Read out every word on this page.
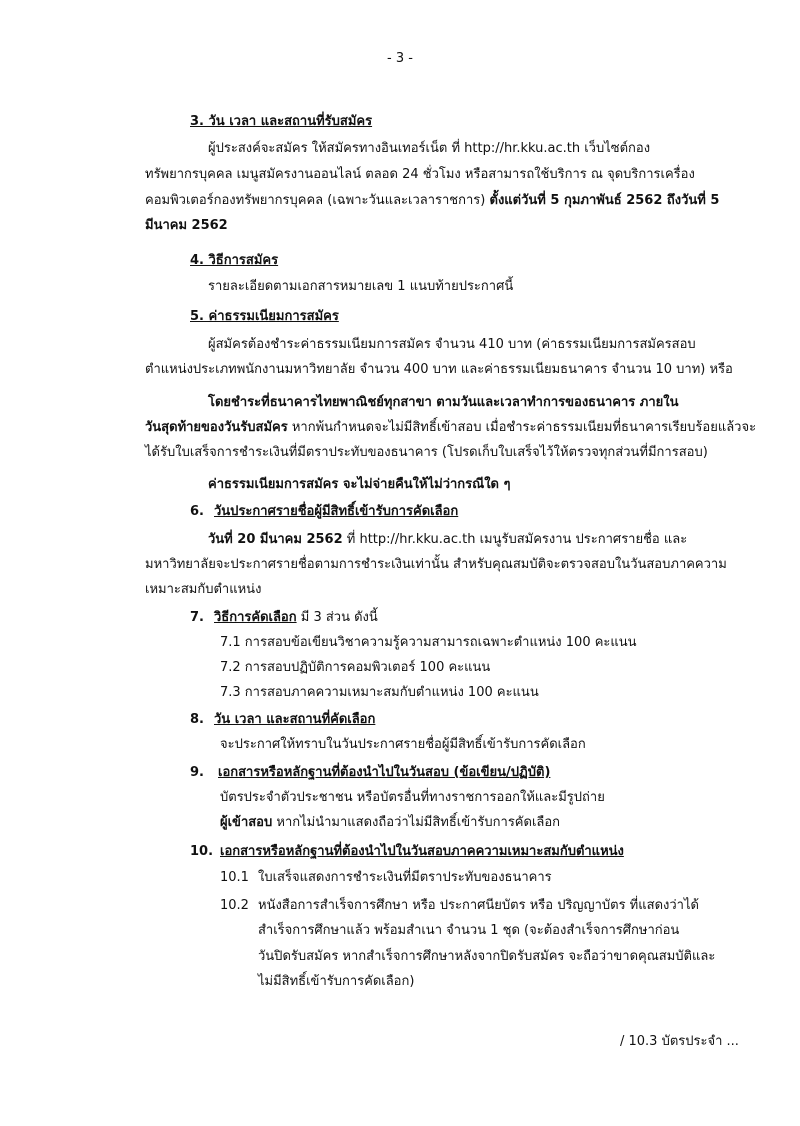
- 3 -
3. วัน เวลา และสถานที่รับสมัคร
ผู้ประสงค์จะสมัคร ให้สมัครทางอินเทอร์เน็ต ที่ http://hr.kku.ac.th เว็บไซต์กอง
ทรัพยากรบุคคล เมนูสมัครงานออนไลน์ ตลอด 24 ชั่วโมง หรือสามารถใช้บริการ ณ จุดบริการเครื่อง
คอมพิวเตอร์กองทรัพยากรบุคคล (เฉพาะวันและเวลาราชการ) ตั้งแต่วันที่ 5 กุมภาพันธ์ 2562 ถึงวันที่ 5
มีนาคม 2562
4. วิธีการสมัคร
รายละเอียดตามเอกสารหมายเลข 1 แนบท้ายประกาศนี้
5. ค่าธรรมเนียมการสมัคร
ผู้สมัครต้องชำระค่าธรรมเนียมการสมัคร จำนวน 410 บาท (ค่าธรรมเนียมการสมัครสอบ
ตำแหน่งประเภทพนักงานมหาวิทยาลัย จำนวน 400 บาท และค่าธรรมเนียมธนาคาร จำนวน 10 บาท) หรือ
โดยชำระที่ธนาคารไทยพาณิชย์ทุกสาขา ตามวันและเวลาทำการของธนาคาร ภายใน
วันสุดท้ายของวันรับสมัคร หากพ้นกำหนดจะไม่มีสิทธิ์เข้าสอบ เมื่อชำระค่าธรรมเนียมที่ธนาคารเรียบร้อยแล้วจะ
ได้รับใบเสร็จการชำระเงินที่มีตราประทับของธนาคาร (โปรดเก็บใบเสร็จไว้ให้ตรวจทุกส่วนที่มีการสอบ)
ค่าธรรมเนียมการสมัคร จะไม่จ่ายคืนให้ไม่ว่ากรณีใด ๆ
6. วันประกาศรายชื่อผู้มีสิทธิ์เข้ารับการคัดเลือก
วันที่ 20 มีนาคม 2562 ที่ http://hr.kku.ac.th เมนูรับสมัครงาน ประกาศรายชื่อ และ
มหาวิทยาลัยจะประกาศรายชื่อตามการชำระเงินเท่านั้น สำหรับคุณสมบัติจะตรวจสอบในวันสอบภาคความ
เหมาะสมกับตำแหน่ง
7. วิธีการคัดเลือก มี 3 ส่วน ดังนี้
7.1 การสอบข้อเขียนวิชาความรู้ความสามารถเฉพาะตำแหน่ง 100 คะแนน
7.2 การสอบปฏิบัติการคอมพิวเตอร์ 100 คะแนน
7.3 การสอบภาคความเหมาะสมกับตำแหน่ง 100 คะแนน
8. วัน เวลา และสถานที่คัดเลือก
จะประกาศให้ทราบในวันประกาศรายชื่อผู้มีสิทธิ์เข้ารับการคัดเลือก
9. เอกสารหรือหลักฐานที่ต้องนำไปในวันสอบ (ข้อเขียน/ปฏิบัติ)
บัตรประจำตัวประชาชน หรือบัตรอื่นที่ทางราชการออกให้และมีรูปถ่าย
ผู้เข้าสอบ หากไม่นำมาแสดงถือว่าไม่มีสิทธิ์เข้ารับการคัดเลือก
10. เอกสารหรือหลักฐานที่ต้องนำไปในวันสอบภาคความเหมาะสมกับตำแหน่ง
10.1 ใบเสร็จแสดงการชำระเงินที่มีตราประทับของธนาคาร
10.2 หนังสือการสำเร็จการศึกษา หรือ ประกาศนียบัตร หรือ ปริญญาบัตร ที่แสดงว่าได้
สำเร็จการศึกษาแล้ว พร้อมสำเนา จำนวน 1 ชุด (จะต้องสำเร็จการศึกษาก่อน
วันปิดรับสมัคร หากสำเร็จการศึกษาหลังจากปิดรับสมัคร จะถือว่าขาดคุณสมบัติและ
ไม่มีสิทธิ์เข้ารับการคัดเลือก)
/ 10.3 บัตรประจำ ...
